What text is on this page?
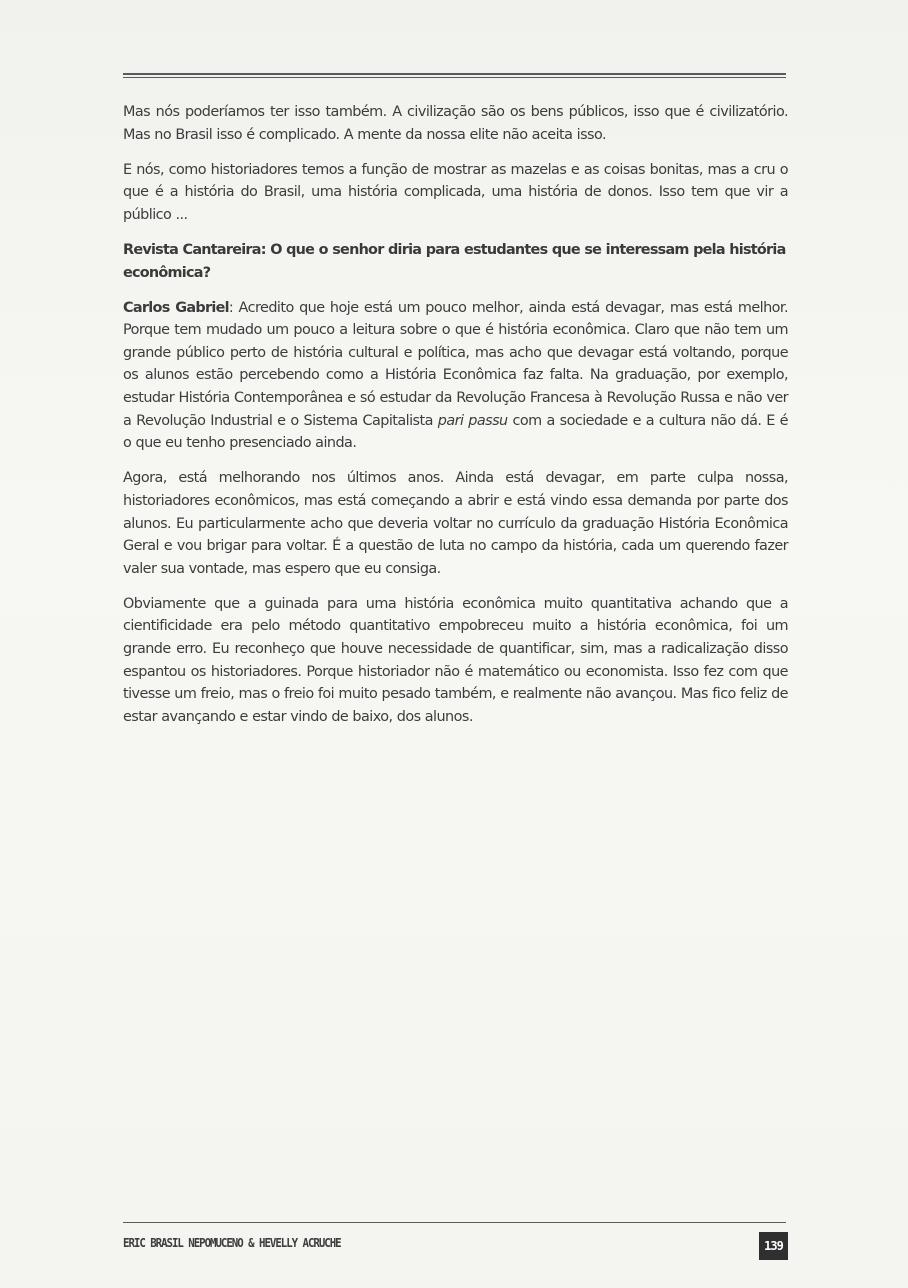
Mas nós poderíamos ter isso também. A civilização são os bens públicos, isso que é civilizatório. Mas no Brasil isso é complicado. A mente da nossa elite não aceita isso.

E nós, como historiadores temos a função de mostrar as mazelas e as coisas bonitas, mas a cru o que é a história do Brasil, uma história complicada, uma história de donos. Isso tem que vir a público ...

Revista Cantareira: O que o senhor diria para estudantes que se interessam pela história econômica?

Carlos Gabriel: Acredito que hoje está um pouco melhor, ainda está devagar, mas está melhor. Porque tem mudado um pouco a leitura sobre o que é história econômica. Claro que não tem um grande público perto de história cultural e política, mas acho que devagar está voltando, porque os alunos estão percebendo como a História Econômica faz falta. Na graduação, por exemplo, estudar História Contemporânea e só estudar da Revolução Francesa à Revolução Russa e não ver a Revolução Industrial e o Sistema Capitalista pari passu com a sociedade e a cultura não dá. E é o que eu tenho presenciado ainda.

Agora, está melhorando nos últimos anos. Ainda está devagar, em parte culpa nossa, historiadores econômicos, mas está começando a abrir e está vindo essa demanda por parte dos alunos. Eu particularmente acho que deveria voltar no currículo da graduação História Econômica Geral e vou brigar para voltar. É a questão de luta no campo da história, cada um querendo fazer valer sua vontade, mas espero que eu consiga.

Obviamente que a guinada para uma história econômica muito quantitativa achando que a cientificidade era pelo método quantitativo empobreceu muito a história econômica, foi um grande erro. Eu reconheço que houve necessidade de quantificar, sim, mas a radicalização disso espantou os historiadores. Porque historiador não é matemático ou economista. Isso fez com que tivesse um freio, mas o freio foi muito pesado também, e realmente não avançou. Mas fico feliz de estar avançando e estar vindo de baixo, dos alunos.

ERIC BRASIL NEPOMUCENO & HEVELLY ACRUCHE	139
